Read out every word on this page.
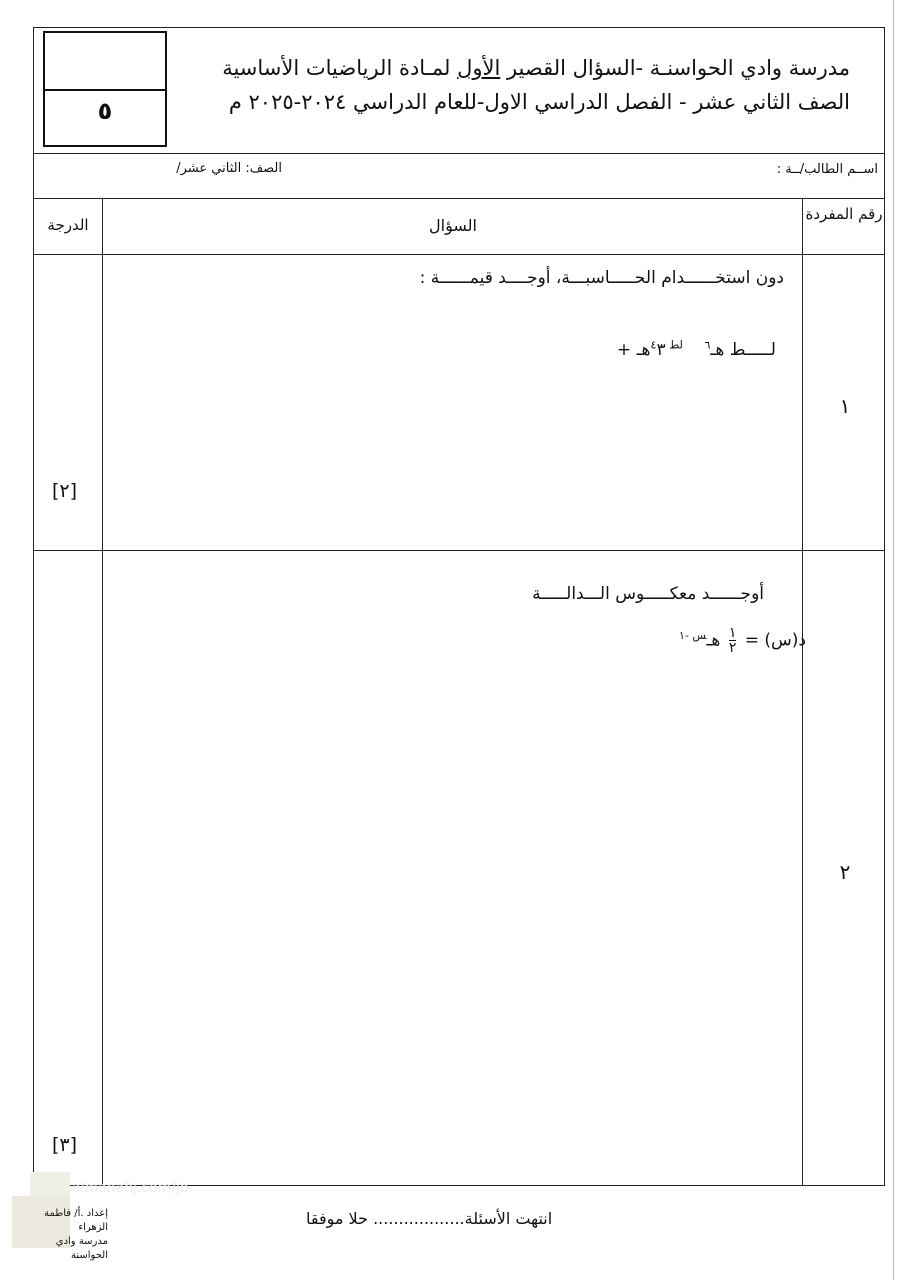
٥
مدرسة وادي الحواسنـة -السؤال القصير الأول لمـادة الرياضيات الأساسية
الصف الثاني عشر - الفصل الدراسي الاول-للعام الدراسي ٢٠٢٤-٢٠٢٥ م
اســم الطالب/ــة :
الصف: الثاني عشر/
رقم المفردة
السؤال
الدرجة
دون استخــــــدام الحـــــاسبـــة، أوجــــد قيمــــــة :
+ لـــــط هـ$^٦$    $^{لط ٤}$٣هـ
١
[٢]
أوجــــــد معكـــــوس الـــدالـــــة
د(س) = $\frac{١}{٢}$
هـ$^{س -١}$
٢
[٣]
almanahj.com/jo
إعداد .أ/ فاطمة الزهراء
مدرسة وادي الحواسنة
انتهت الأسئلة.................. حلا موفقا
